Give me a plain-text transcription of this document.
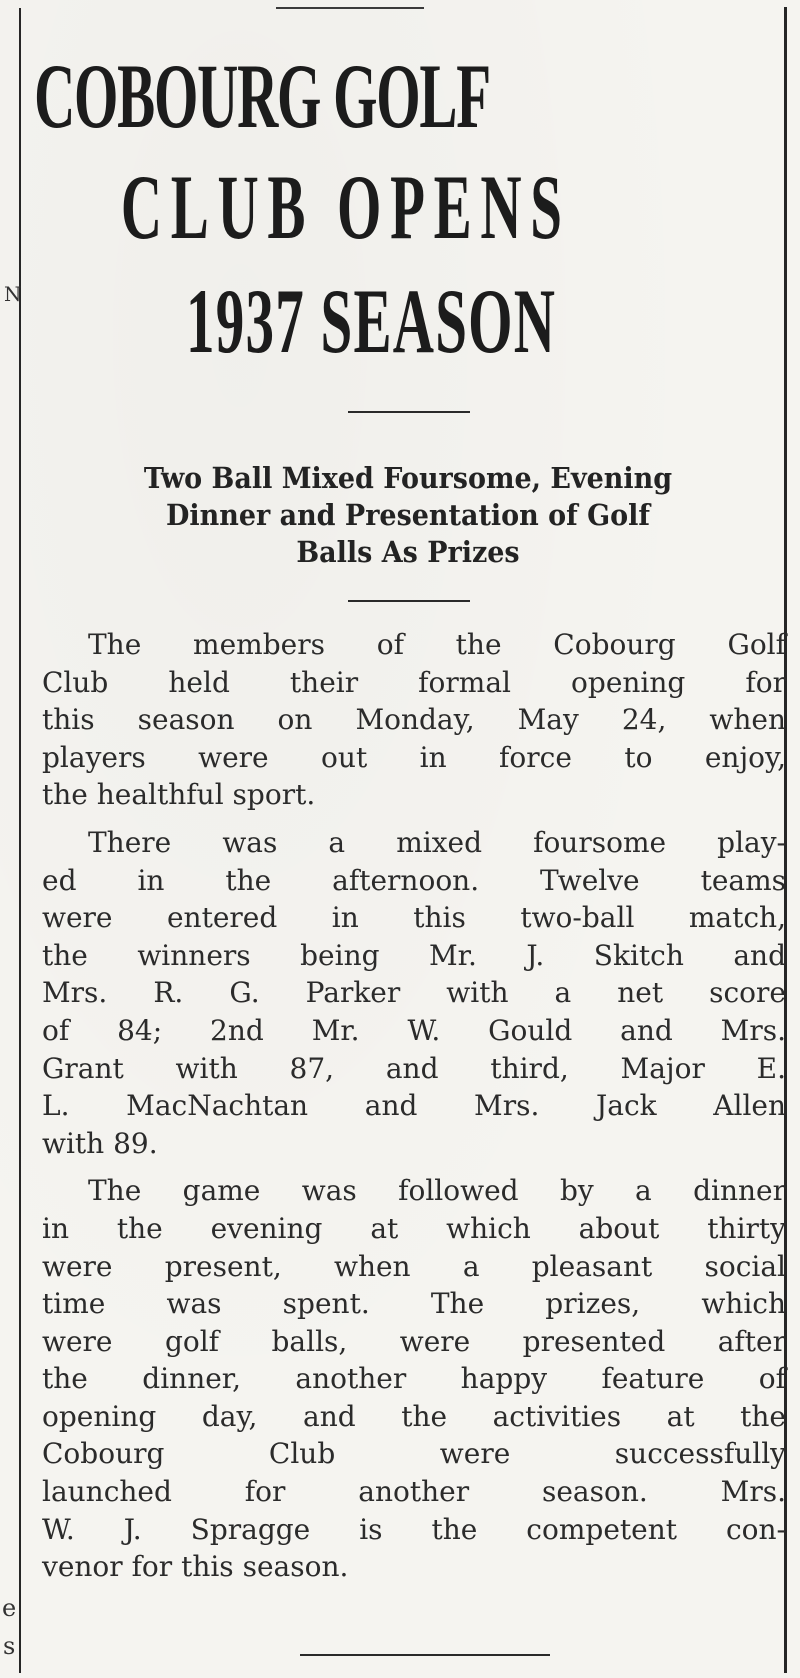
COBOURG GOLF
CLUB OPENS
1937 SEASON
Two Ball Mixed Foursome, Evening
Dinner and Presentation of Golf
Balls As Prizes
The members of the Cobourg Golf
Club held their formal opening for
this season on Monday, May 24, when
players were out in force to enjoy,
the healthful sport.
There was a mixed foursome play-
ed in the afternoon. Twelve teams
were entered in this two-ball match,
the winners being Mr. J. Skitch and
Mrs. R. G. Parker with a net score
of 84; 2nd Mr. W. Gould and Mrs.
Grant with 87, and third, Major E.
L. MacNachtan and Mrs. Jack Allen
with 89.
The game was followed by a dinner
in the evening at which about thirty
were present, when a pleasant social
time was spent. The prizes, which
were golf balls, were presented after
the dinner, another happy feature of
opening day, and the activities at the
Cobourg Club were successfully
launched for another season. Mrs.
W. J. Spragge is the competent con-
venor for this season.
N
e
s
